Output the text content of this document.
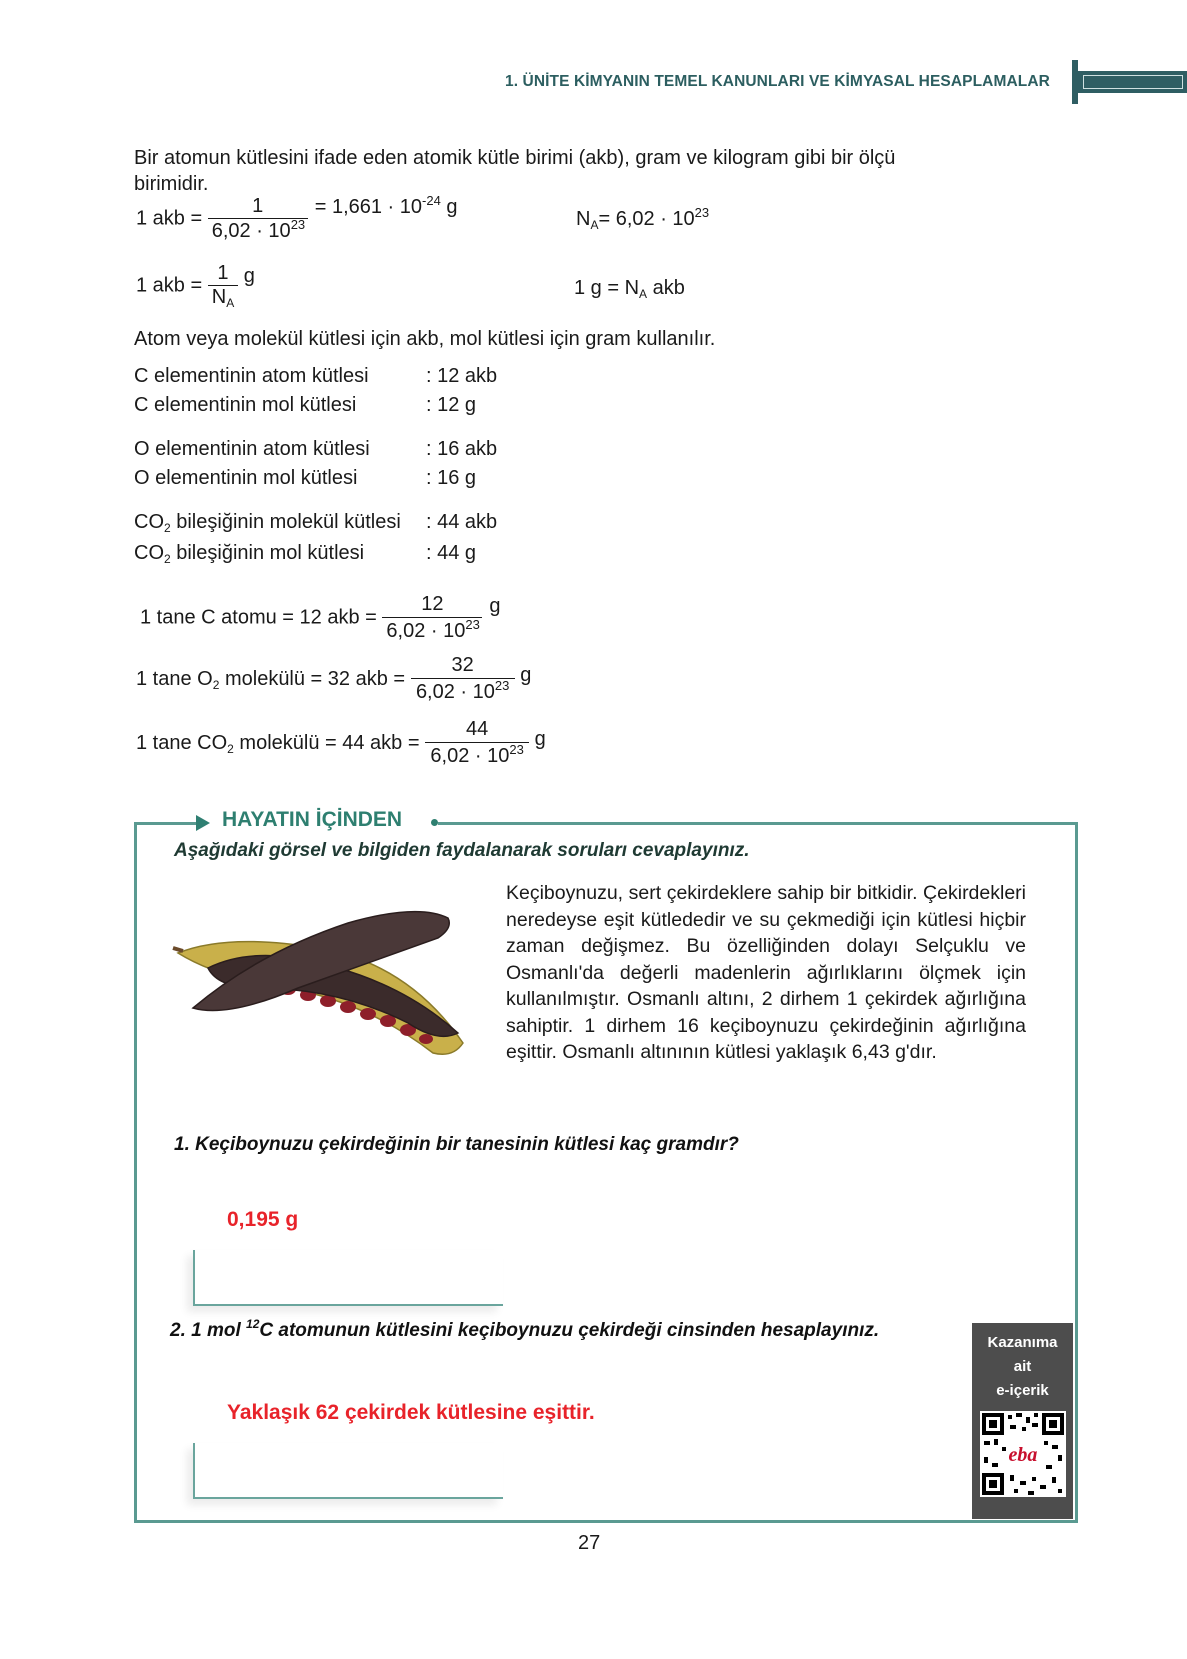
1. ÜNİTE KİMYANIN TEMEL KANUNLARI VE KİMYASAL HESAPLAMALAR
Bir atomun kütlesini ifade eden atomik kütle birimi (akb), gram ve kilogram gibi bir ölçü
birimidir.
1 akb = $\frac{1}{6,02 \cdot 10^{23}} = 1,661 \cdot 10^{-24}$ g
$N_A= 6,02 \cdot 10^{23}$
1 akb = $\frac{1}{N_A}$ g
1 $g = N_A$ akb
Atom veya molekül kütlesi için akb, mol kütlesi için gram kullanılır.
C elementinin atom kütlesi	: 12 akb
C elementinin mol kütlesi	: 12 g
O elementinin atom kütlesi	: 16 akb
O elementinin mol kütlesi	: 16 g
$CO_2$ bileşiğinin molekül kütlesi : 44 akb
$CO_2$ bileşiğinin mol kütlesi	: 44 g
1 tane C atomu = 12 akb = $\frac{12}{6,02 \cdot 10^{23}}$ g
1 tane $O_2$ molekülü = 32 akb = $\frac{32}{6,02 \cdot 10^{23}}$ g
1 tane $CO_2$ molekülü = 44 akb = $\frac{44}{6,02 \cdot 10^{23}}$ g
HAYATIN İÇİNDEN
Aşağıdaki görsel ve bilgiden faydalanarak soruları cevaplayınız.
Keçiboynuzu, sert çekirdeklere sahip bir bitkidir. Çekirdekleri neredeyse eşit kütlededir ve su çekmediği için kütlesi hiçbir zaman değişmez. Bu özelliğinden dolayı Selçuklu ve Osmanlı'da değerli madenlerin ağırlıklarını ölçmek için kullanılmıştır. Osmanlı altını, 2 dirhem 1 çekirdek ağırlığına sahiptir. 1 dirhem 16 keçiboynuzu çekirdeğinin ağırlığına eşittir. Osmanlı altınının kütlesi yaklaşık 6,43 g'dır.
1. Keçiboynuzu çekirdeğinin bir tanesinin kütlesi kaç gramdır?
0,195 g
2. 1 mol $^{12}$C atomunun kütlesini keçiboynuzu çekirdeği cinsinden hesaplayınız.
Yaklaşık 62 çekirdek kütlesine eşittir.
Kazanıma
ait
e-içerik
eba
27
